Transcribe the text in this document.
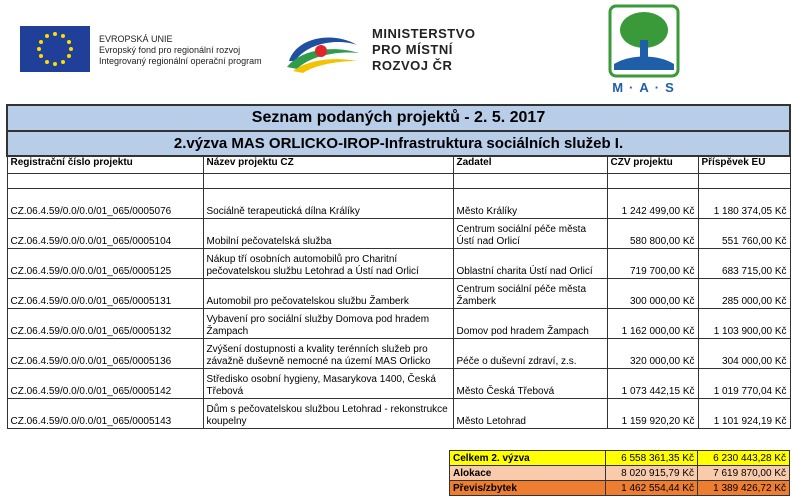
EVROPSKÁ UNIE
Evropský fond pro regionální rozvoj
Integrovaný regionální operační program
MINISTERSTVO
PRO MÍSTNÍ
ROZVOJ ČR
M·A·S
Seznam podaných projektů - 2. 5. 2017				
2.výzva MAS ORLICKO-IROP-Infrastruktura sociálních služeb I.				
Registrační číslo projektu	Název projektu CZ	Žadatel	CZV projektu	Příspěvek EU

CZ.06.4.59/0.0/0.0/01_065/0005076	Sociálně terapeutická dílna Králíky	Město Králíky	1 242 499,00 Kč	1 180 374,05 Kč
CZ.06.4.59/0.0/0.0/01_065/0005104	Mobilní pečovatelská služba	Centrum sociální péče města Ústí nad Orlicí	580 800,00 Kč	551 760,00 Kč
CZ.06.4.59/0.0/0.0/01_065/0005125	Nákup tří osobních automobilů pro Charitní pečovatelskou službu Letohrad a Ústí nad Orlicí	Oblastní charita Ústí nad Orlicí	719 700,00 Kč	683 715,00 Kč
CZ.06.4.59/0.0/0.0/01_065/0005131	Automobil pro pečovatelskou službu Žamberk	Centrum sociální péče města Žamberk	300 000,00 Kč	285 000,00 Kč
CZ.06.4.59/0.0/0.0/01_065/0005132	Vybavení pro sociální služby Domova pod hradem Žampach	Domov pod hradem Žampach	1 162 000,00 Kč	1 103 900,00 Kč
CZ.06.4.59/0.0/0.0/01_065/0005136	Zvýšení dostupnosti a kvality terénních služeb pro závažně duševně nemocné na území MAS Orlicko	Péče o duševní zdraví, z.s.	320 000,00 Kč	304 000,00 Kč
CZ.06.4.59/0.0/0.0/01_065/0005142	Středisko osobní hygieny, Masarykova 1400, Česká Třebová	Město Česká Třebová	1 073 442,15 Kč	1 019 770,04 Kč
CZ.06.4.59/0.0/0.0/01_065/0005143	Dům s pečovatelskou službou Letohrad - rekonstrukce koupelny	Město Letohrad	1 159 920,20 Kč	1 101 924,19 Kč
Celkem 2. výzva	6 558 361,35 Kč	6 230 443,28 Kč
Alokace	8 020 915,79 Kč	7 619 870,00 Kč
Převis/zbytek	1 462 554,44 Kč	1 389 426,72 Kč
